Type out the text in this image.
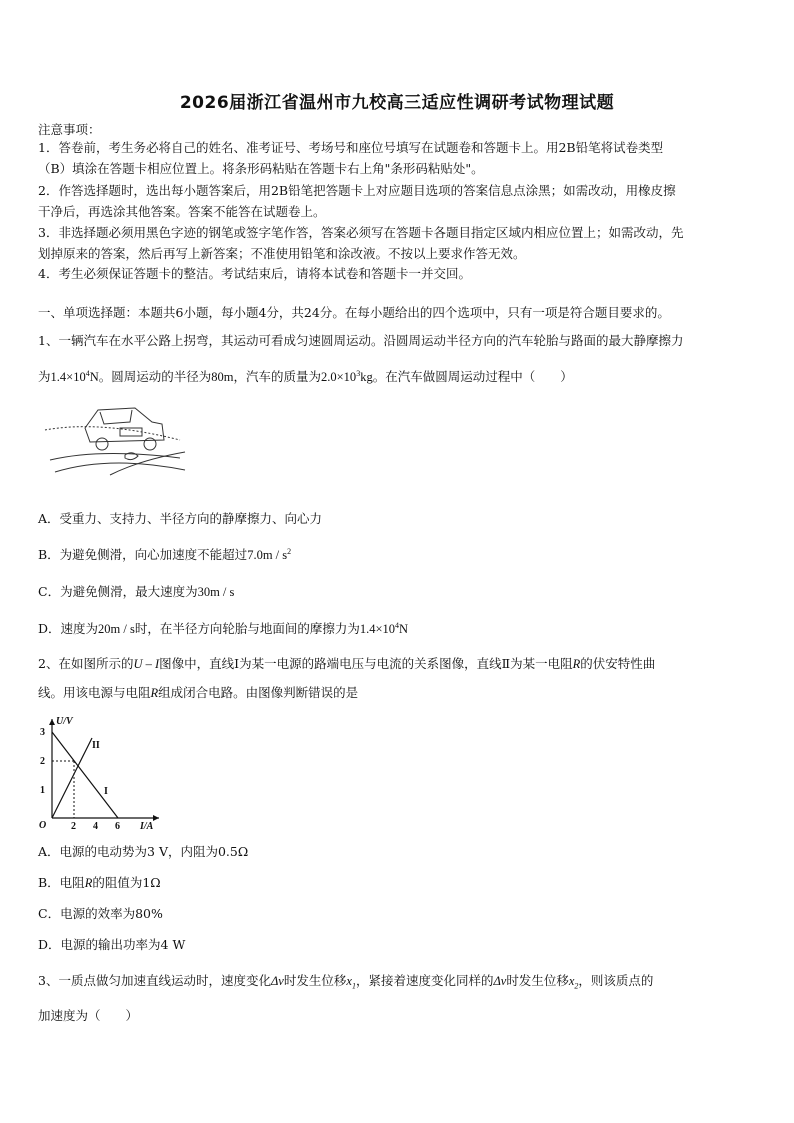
2026届浙江省温州市九校高三适应性调研考试物理试题
注意事项：
1．答卷前，考生务必将自己的姓名、准考证号、考场号和座位号填写在试题卷和答题卡上。用2B铅笔将试卷类型
（B）填涂在答题卡相应位置上。将条形码粘贴在答题卡右上角"条形码粘贴处"。
2．作答选择题时，选出每小题答案后，用2B铅笔把答题卡上对应题目选项的答案信息点涂黑；如需改动，用橡皮擦
干净后，再选涂其他答案。答案不能答在试题卷上。
3．非选择题必须用黑色字迹的钢笔或签字笔作答，答案必须写在答题卡各题目指定区域内相应位置上；如需改动，先
划掉原来的答案，然后再写上新答案；不准使用铅笔和涂改液。不按以上要求作答无效。
4．考生必须保证答题卡的整洁。考试结束后，请将本试卷和答题卡一并交回。
一、单项选择题：本题共6小题，每小题4分，共24分。在每小题给出的四个选项中，只有一项是符合题目要求的。
1、一辆汽车在水平公路上拐弯，其运动可看成匀速圆周运动。沿圆周运动半径方向的汽车轮胎与路面的最大静摩擦力
为$1.4\times 10^4N$。圆周运动的半径为80m，汽车的质量为$2.0\times 10^3kg$。在汽车做圆周运动过程中（　　）
A．受重力、支持力、半径方向的静摩擦力、向心力
B．为避免侧滑，向心加速度不能超过$7.0m / s^2$
C．为避免侧滑，最大速度为30m / s
D．速度为20m / s时，在半径方向轮胎与地面间的摩擦力为$1.4\times 10^4N$
2、在如图所示的U – I图像中，直线Ⅰ为某一电源的路端电压与电流的关系图像，直线Ⅱ为某一电阻R的伏安特性曲
线。用该电源与电阻R组成闭合电路。由图像判断错误的是
U/V
I/A
O
1
2
3
2 4 6
I
II
A．电源的电动势为3 V，内阻为0.5Ω
B．电阻R的阻值为1Ω
C．电源的效率为80%
D．电源的输出功率为4 W
3、一质点做匀加速直线运动时，速度变化Δv时发生位移$x_1$，紧接着速度变化同样的Δv时发生位移$x_2$，则该质点的
加速度为（　　）
